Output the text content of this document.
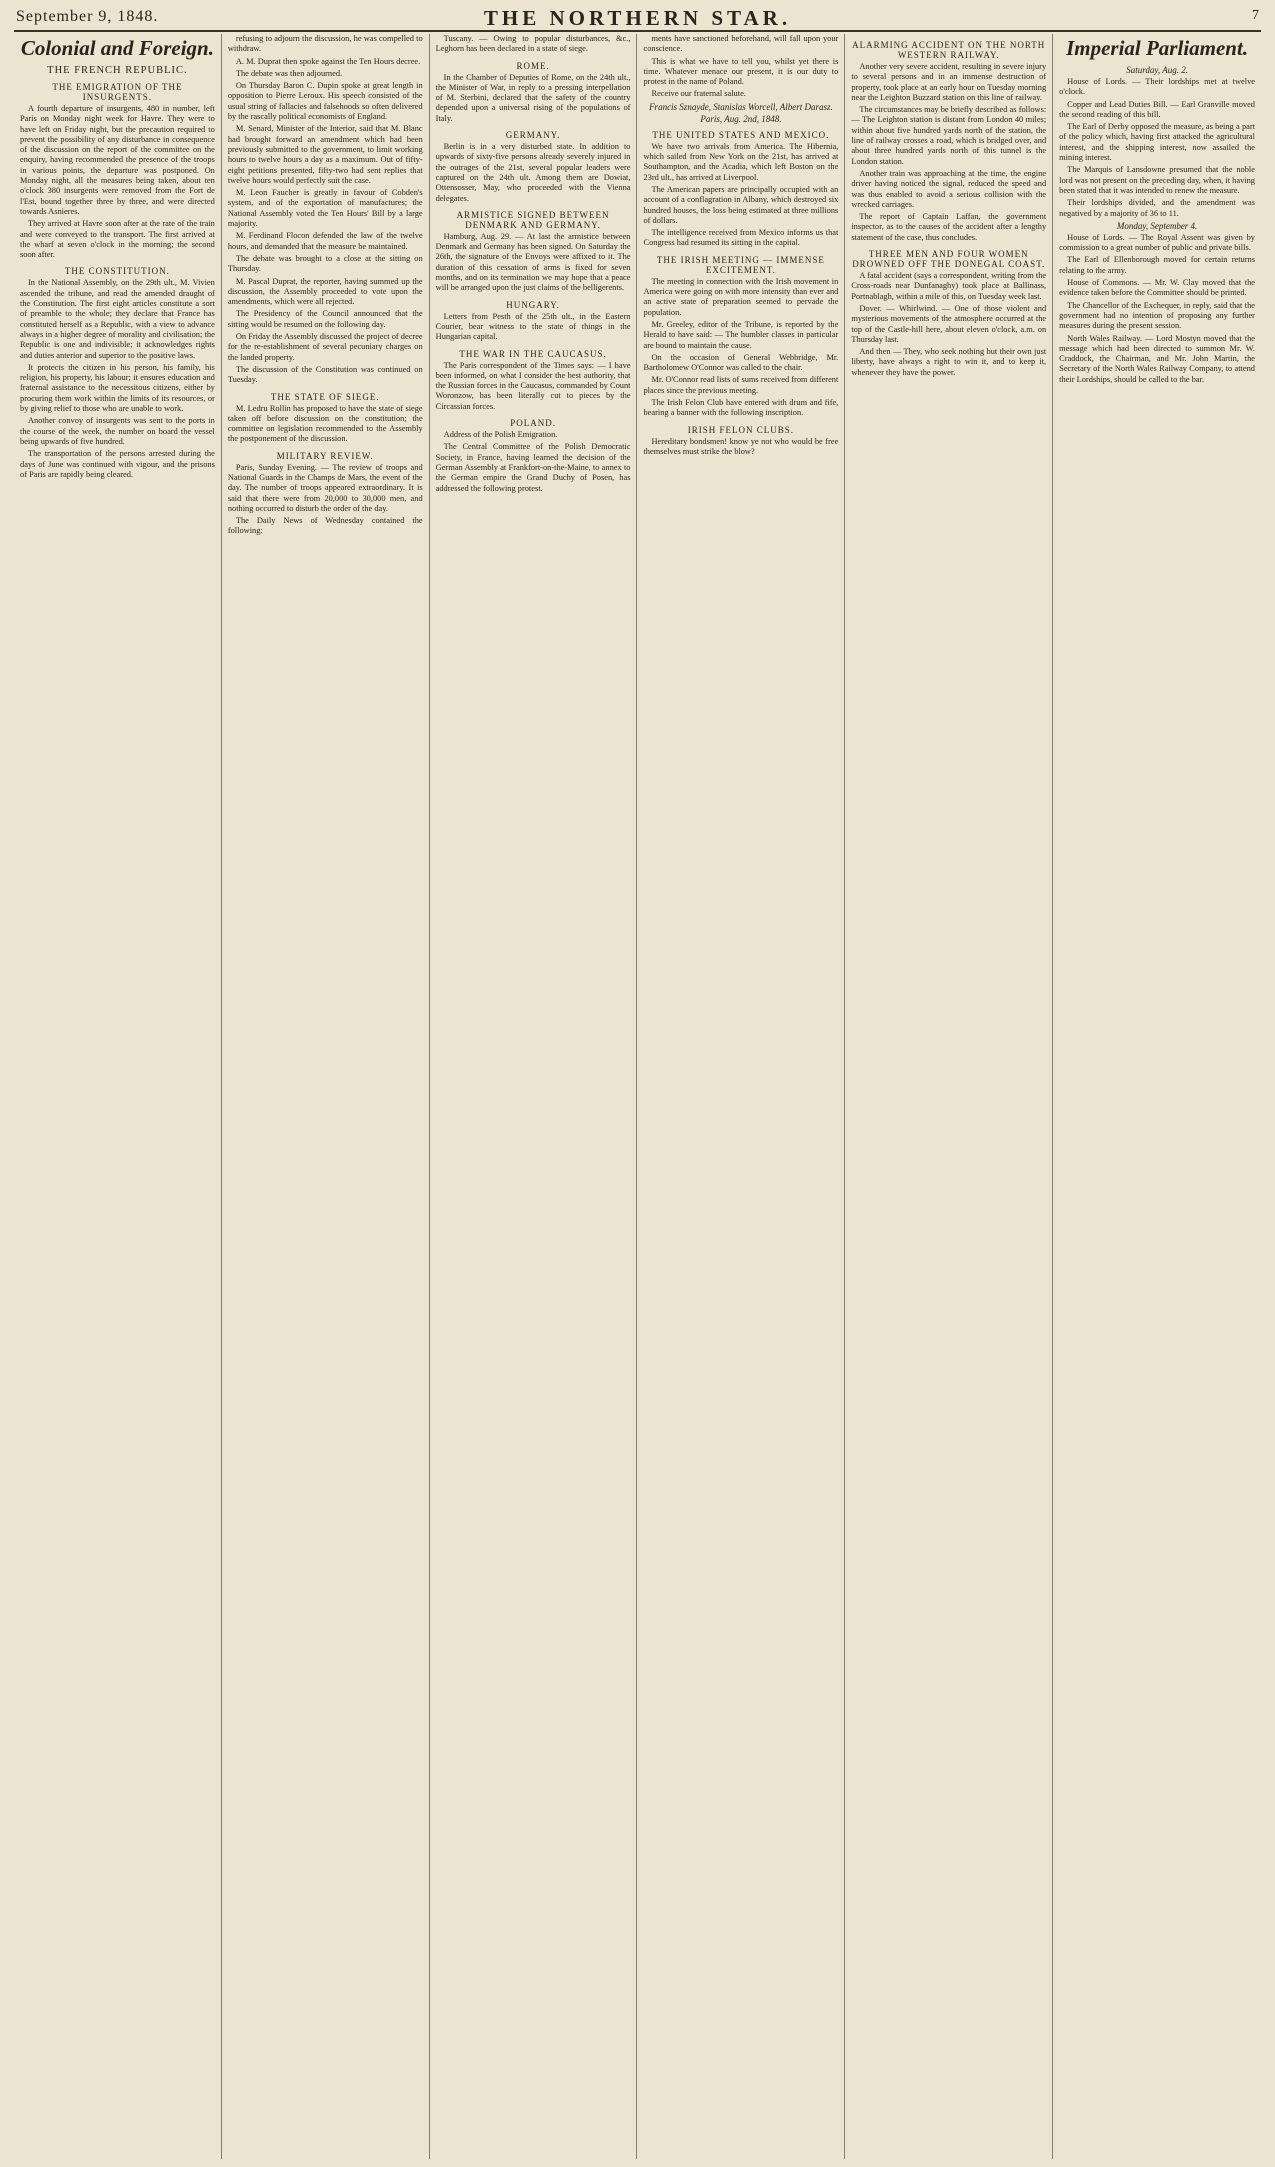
September 9, 1848.	THE NORTHERN STAR.	7
Colonial and Foreign.
THE FRENCH REPUBLIC.
THE EMIGRATION OF THE INSURGENTS.

A fourth departure of insurgents, 480 in number, left Paris on Monday night week for Havre. They were to have left on Friday night, but the precaution required to prevent the possibility of any disturbance in consequence of the discussion on the report of the committee on the enquiry, having recommended the presence of the troops in various points, the departure was postponed. On Monday night, all the measures being taken, about ten o'clock 380 insurgents were removed from the Fort de l'Est, bound together three by three, and were directed towards Asnieres.

They arrived at Havre soon after at the rate of the train and were conveyed to the transport. The first arrived at the wharf at seven o'clock in the morning; the second soon after.

THE CONSTITUTION.

In the National Assembly, on the 29th ult., M. Vivien ascended the tribune, and read the amended draught of the Constitution. The first eight articles constitute a sort of preamble to the whole; they declare that France has constituted herself as a Republic, with a view to advance always in a higher degree of morality and civilisation; the Republic is one and indivisible; it acknowledges rights and duties anterior and superior to the positive laws.

It protects the citizen in his person, his family, his religion, his property, his labour; it ensures education and fraternal assistance to the necessitous citizens, either by procuring them work within the limits of its resources, or by giving relief to those who are unable to work.

Another convoy of insurgents was sent to the ports in the course of the week, the number on board the vessel being upwards of five hundred.

The transportation of the persons arrested during the days of June was continued with vigour, and the prisons of Paris are rapidly being cleared.

refusing to adjourn the discussion, he was compelled to withdraw.

A. M. Duprat then spoke against the Ten Hours decree.

The debate was then adjourned.

On Thursday Baron C. Dupin spoke at great length in opposition to Pierre Leroux. His speech consisted of the usual string of fallacies and falsehoods so often delivered by the rascally political economists of England.

M. Senard, Minister of the Interior, said that M. Blanc had brought forward an amendment which had been previously submitted to the government, to limit working hours to twelve hours a day as a maximum. Out of fifty-eight petitions presented, fifty-two had sent replies that twelve hours would perfectly suit the case.

M. Leon Faucher is greatly in favour of Cobden's system, and of the exportation of manufactures; the National Assembly voted the Ten Hours' Bill by a large majority.

M. Ferdinand Flocon defended the law of the twelve hours, and demanded that the measure be maintained.

The debate was brought to a close at the sitting on Thursday.

M. Pascal Duprat, the reporter, having summed up the discussion, the Assembly proceeded to vote upon the amendments, which were all rejected.

The Presidency of the Council announced that the sitting would be resumed on the following day.

On Friday the Assembly discussed the project of decree for the re-establishment of several pecuniary charges on the landed property.

The discussion of the Constitution was continued on Tuesday.

THE STATE OF SIEGE.

M. Ledru Rollin has proposed to have the state of siege taken off before discussion on the constitution; the committee on legislation recommended to the Assembly the postponement of the discussion.

MILITARY REVIEW.

Paris, Sunday Evening. — The review of troops and National Guards in the Champs de Mars, the event of the day. The number of troops appeared extraordinary. It is said that there were from 20,000 to 30,000 men, and nothing occurred to disturb the order of the day.

The Daily News of Wednesday contained the following:

Tuscany. — Owing to popular disturbances, &c., Leghorn has been declared in a state of siege.

ROME.

In the Chamber of Deputies of Rome, on the 24th ult., the Minister of War, in reply to a pressing interpellation of M. Sterbini, declared that the safety of the country depended upon a universal rising of the populations of Italy.

GERMANY.

Berlin is in a very disturbed state. In addition to upwards of sixty-five persons already severely injured in the outrages of the 21st, several popular leaders were captured on the 24th ult. Among them are Dowiat, Ottensosser, May, who proceeded with the Vienna delegates.

ARMISTICE SIGNED BETWEEN DENMARK AND GERMANY.

Hamburg, Aug. 29. — At last the armistice between Denmark and Germany has been signed. On Saturday the 26th, the signature of the Envoys were affixed to it. The duration of this cessation of arms is fixed for seven months, and on its termination we may hope that a peace will be arranged upon the just claims of the belligerents.

HUNGARY.

Letters from Pesth of the 25th ult., in the Eastern Courier, bear witness to the state of things in the Hungarian capital.

THE WAR IN THE CAUCASUS.

The Paris correspondent of the Times says: — I have been informed, on what I consider the best authority, that the Russian forces in the Caucasus, commanded by Count Woronzow, has been literally cut to pieces by the Circassian forces.

POLAND.

Address of the Polish Emigration.

The Central Committee of the Polish Democratic Society, in France, having learned the decision of the German Assembly at Frankfort-on-the-Maine, to annex to the German empire the Grand Duchy of Posen, has addressed the following protest.

ments have sanctioned beforehand, will fall upon your conscience.

This is what we have to tell you, whilst yet there is time. Whatever menace our present, it is our duty to protest in the name of Poland.

Receive our fraternal salute.

Francis Sznayde, Stanislas Worcell, Albert Darasz.
Paris, Aug. 2nd, 1848.
THE UNITED STATES AND MEXICO.

We have two arrivals from America. The Hibernia, which sailed from New York on the 21st, has arrived at Southampton, and the Acadia, which left Boston on the 23rd ult., has arrived at Liverpool.

The American papers are principally occupied with an account of a conflagration in Albany, which destroyed six hundred houses, the loss being estimated at three millions of dollars.

The intelligence received from Mexico informs us that Congress had resumed its sitting in the capital.

THE IRISH MEETING — IMMENSE EXCITEMENT.

The meeting in connection with the Irish movement in America were going on with more intensity than ever and an active state of preparation seemed to pervade the population.

Mr. Greeley, editor of the Tribune, is reported by the Herald to have said: — The humbler classes in particular are bound to maintain the cause.

On the occasion of General Webbridge, Mr. Bartholomew O'Connor was called to the chair.

Mr. O'Connor read lists of sums received from different places since the previous meeting.

The Irish Felon Club have entered with drum and fife, bearing a banner with the following inscription.

IRISH FELON CLUBS.

Hereditary bondsmen! know ye not who would be free themselves must strike the blow?

ALARMING ACCIDENT ON THE NORTH WESTERN RAILWAY.

Another very severe accident, resulting in severe injury to several persons and in an immense destruction of property, took place at an early hour on Tuesday morning near the Leighton Buzzard station on this line of railway.

The circumstances may be briefly described as follows: — The Leighton station is distant from London 40 miles; within about five hundred yards north of the station, the line of railway crosses a road, which is bridged over, and about three hundred yards north of this tunnel is the London station.

Another train was approaching at the time, the engine driver having noticed the signal, reduced the speed and was thus enabled to avoid a serious collision with the wrecked carriages.

The report of Captain Laffan, the government inspector, as to the causes of the accident after a lengthy statement of the case, thus concludes.

THREE MEN AND FOUR WOMEN DROWNED OFF THE DONEGAL COAST.

A fatal accident (says a correspondent, writing from the Cross-roads near Dunfanaghy) took place at Ballinass, Portnablagh, within a mile of this, on Tuesday week last.

Dover. — Whirlwind. — One of those violent and mysterious movements of the atmosphere occurred at the top of the Castle-hill here, about eleven o'clock, a.m. on Thursday last.

And then — They, who seek nothing but their own just liberty, have always a right to win it, and to keep it, whenever they have the power.

Imperial Parliament.
Saturday, Aug. 2.

House of Lords. — Their lordships met at twelve o'clock.

Copper and Lead Duties Bill. — Earl Granville moved the second reading of this bill.

The Earl of Derby opposed the measure, as being a part of the policy which, having first attacked the agricultural interest, and the shipping interest, now assailed the mining interest.

The Marquis of Lansdowne presumed that the noble lord was not present on the preceding day, when, it having been stated that it was intended to renew the measure.

Their lordships divided, and the amendment was negatived by a majority of 36 to 11.

Monday, September 4.

House of Lords. — The Royal Assent was given by commission to a great number of public and private bills.

The Earl of Ellenborough moved for certain returns relating to the army.

House of Commons. — Mr. W. Clay moved that the evidence taken before the Committee should be printed.

The Chancellor of the Exchequer, in reply, said that the government had no intention of proposing any further measures during the present session.

North Wales Railway. — Lord Mostyn moved that the message which had been directed to summon Mr. W. Craddock, the Chairman, and Mr. John Martin, the Secretary of the North Wales Railway Company, to attend their Lordships, should be called to the bar.
